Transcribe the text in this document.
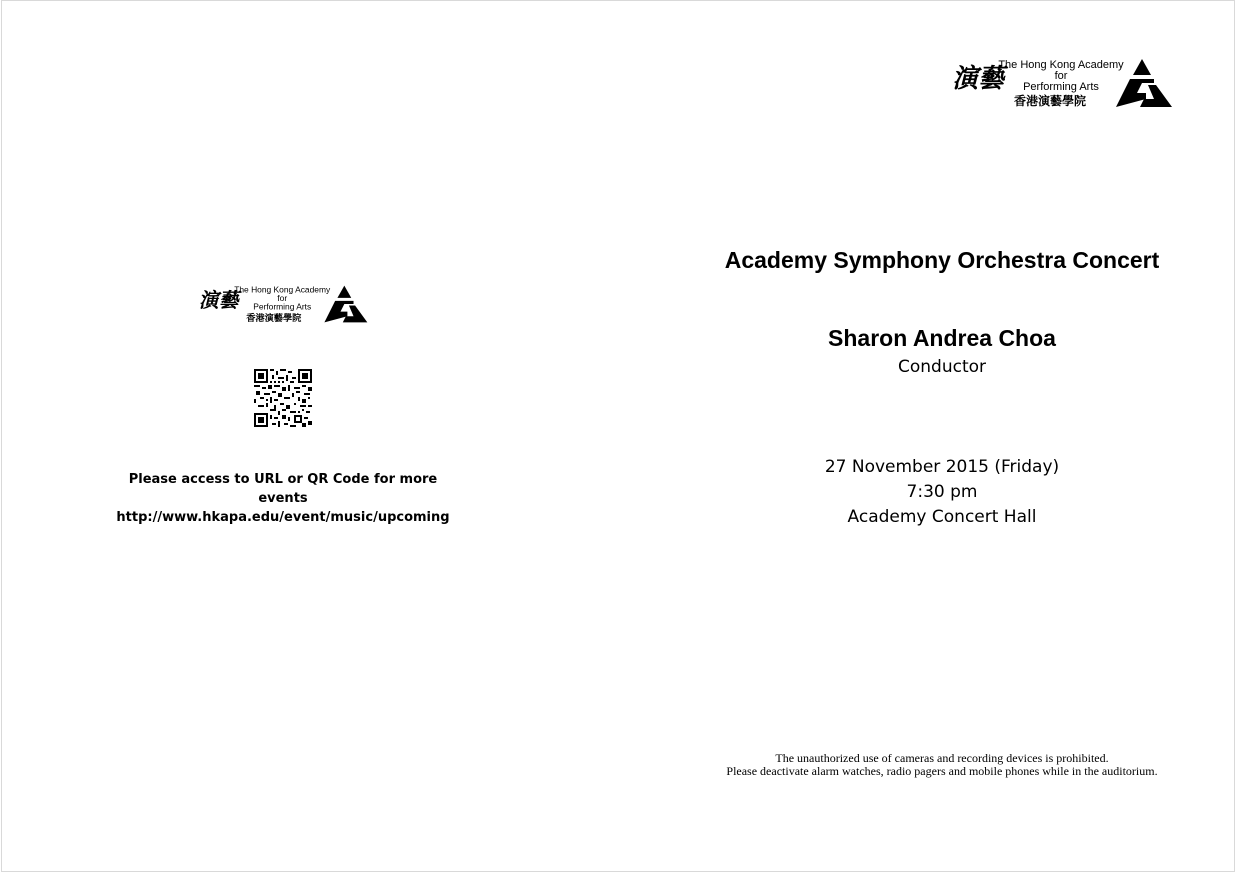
演藝
The Hong Kong Academy
for
Performing Arts
香港演藝學院
演藝
The Hong Kong Academy
for
Performing Arts
香港演藝學院
Please access to URL or QR Code for more events
http://www.hkapa.edu/event/music/upcoming
Academy Symphony Orchestra Concert
Sharon Andrea Choa
Conductor
27 November 2015 (Friday)
7:30 pm
Academy Concert Hall
The unauthorized use of cameras and recording devices is prohibited.
Please deactivate alarm watches, radio pagers and mobile phones while in the auditorium.
